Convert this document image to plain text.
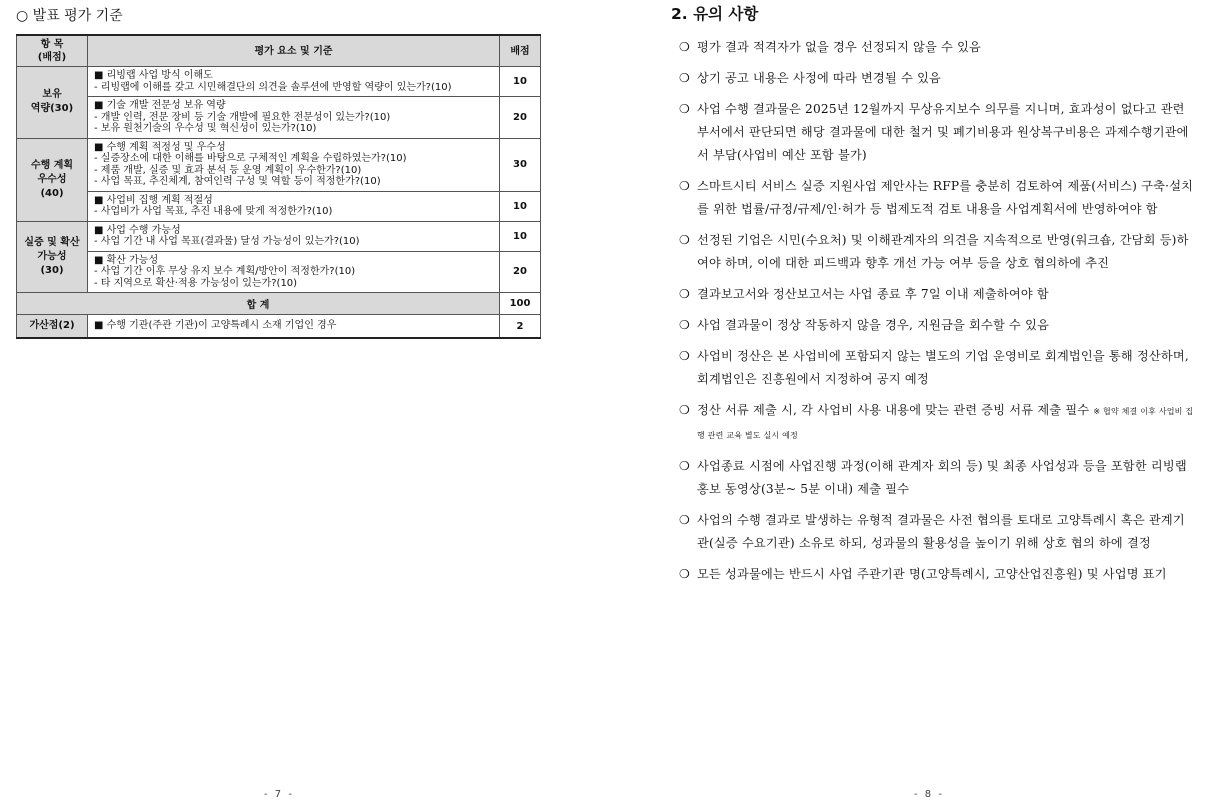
○ 발표 평가 기준
항 목
(배점)	평가 요소 및 기준	배점
보유
역량(30)	■ 리빙랩 사업 방식 이해도
- 리빙랩에 이해를 갖고 시민해결단의 의견을 솔루션에 반영할 역량이 있는가?(10)	10

	■ 기술 개발 전문성 보유 역량
- 개발 인력, 전문 장비 등 기술 개발에 필요한 전문성이 있는가?(10)
- 보유 원천기술의 우수성 및 혁신성이 있는가?(10)	20
수행 계획
우수성
(40)	■ 수행 계획 적정성 및 우수성
- 실증장소에 대한 이해를 바탕으로 구체적인 계획을 수립하였는가?(10)
- 제품 개발, 실증 및 효과 분석 등 운영 계획이 우수한가?(10)
- 사업 목표, 추진체계, 참여인력 구성 및 역할 등이 적정한가?(10)	30

	■ 사업비 집행 계획 적절성
- 사업비가 사업 목표, 추진 내용에 맞게 적정한가?(10)	10
실증 및 확산
가능성
(30)	■ 사업 수행 가능성
- 사업 기간 내 사업 목표(결과물) 달성 가능성이 있는가?(10)	10

	■ 확산 가능성
- 사업 기간 이후 무상 유지 보수 계획/방안이 적정한가?(10)
- 타 지역으로 확산·적용 가능성이 있는가?(10)	20
합 계		100
가산점(2)	■ 수행 기관(주관 기관)이 고양특례시 소재 기업인 경우	2
- 7 -
2. 유의 사항
❍ 평가 결과 적격자가 없을 경우 선정되지 않을 수 있음
❍ 상기 공고 내용은 사정에 따라 변경될 수 있음
❍ 사업 수행 결과물은 2025년 12월까지 무상유지보수 의무를 지니며, 효과성이 없다고 관련부서에서 판단되면 해당 결과물에 대한 철거 및 폐기비용과 원상복구비용은 과제수행기관에서 부담(사업비 예산 포함 불가)
❍ 스마트시티 서비스 실증 지원사업 제안사는 RFP를 충분히 검토하여 제품(서비스) 구축·설치를 위한 법률/규정/규제/인·허가 등 법제도적 검토 내용을 사업계획서에 반영하여야 함
❍ 선정된 기업은 시민(수요처) 및 이해관계자의 의견을 지속적으로 반영(워크숍, 간담회 등)하여야 하며, 이에 대한 피드백과 향후 개선 가능 여부 등을 상호 협의하에 추진
❍ 결과보고서와 정산보고서는 사업 종료 후 7일 이내 제출하여야 함
❍ 사업 결과물이 정상 작동하지 않을 경우, 지원금을 회수할 수 있음
❍ 사업비 정산은 본 사업비에 포함되지 않는 별도의 기업 운영비로 회계법인을 통해 정산하며, 회계법인은 진흥원에서 지정하여 공지 예정
❍ 정산 서류 제출 시, 각 사업비 사용 내용에 맞는 관련 증빙 서류 제출 필수 ※ 협약 체결 이후 사업비 집행 관련 교육 별도 실시 예정
❍ 사업종료 시점에 사업진행 과정(이해 관계자 회의 등) 및 최종 사업성과 등을 포함한 리빙랩 홍보 동영상(3분~ 5분 이내) 제출 필수
❍ 사업의 수행 결과로 발생하는 유형적 결과물은 사전 협의를 토대로 고양특례시 혹은 관계기관(실증 수요기관) 소유로 하되, 성과물의 활용성을 높이기 위해 상호 협의 하에 결정
❍ 모든 성과물에는 반드시 사업 주관기관 명(고양특례시, 고양산업진흥원) 및 사업명 표기
- 8 -
